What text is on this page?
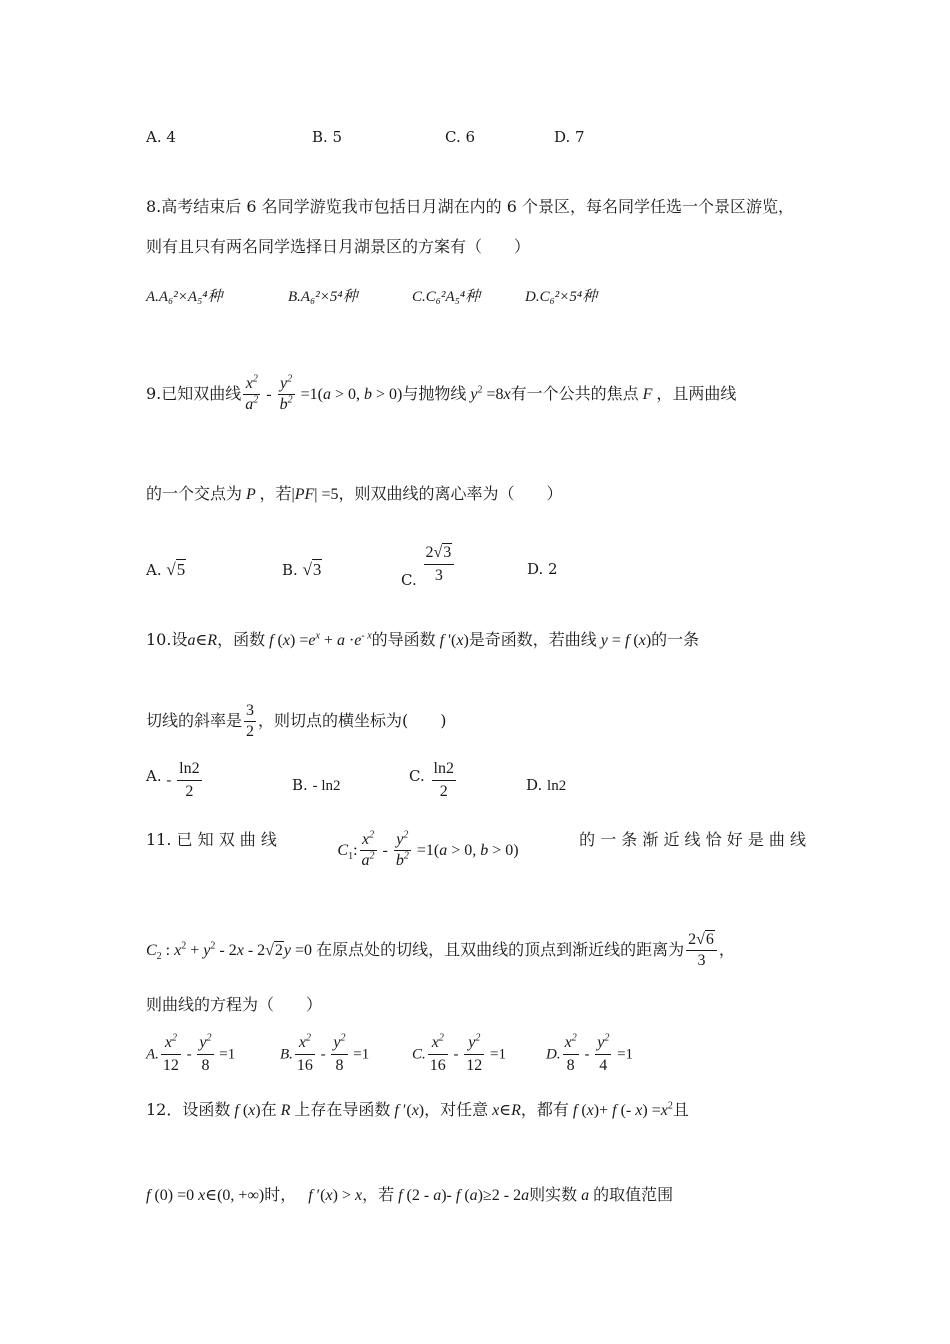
A. 4	B. 5	C. 6	D. 7
8.高考结束后 6 名同学游览我市包括日月湖在内的 6 个景区，每名同学任选一个景区游览，
则有且只有两名同学选择日月湖景区的方案有（　　）
A.A₆²×A₅⁴种	B.A₆²×5⁴种	C.C₆²A₅⁴种	D.C₆²×5⁴种
9.已知双曲线 $\frac{x^2}{a^2} - \frac{y^2}{b^2} =1(a > 0$, b > 0)与抛物线 $y^2 =8x$有一个公共的焦点 F ，且两曲线
的一个交点为 P ，若|PF| =5，则双曲线的离心率为（　　）
A. √5	B. √3
C. $\frac{2√3}{3}$	D. 2
10.设a∈R，函数 f $(x) =e^x + a \cdot e^{- x}$的导函数 f '(x)是奇函数，若曲线 y = f (x)的一条
切线的斜率是 $\frac{3}{2}$ ，则切点的横坐标为(　　)
A. - $\frac{\ln 2}{2}$	B. - ln2
C. $\frac{\ln 2}{2}$	D. ln2
11. 已 知 双 曲 线
$C_1$: $\frac{x^2}{a^2} - \frac{y^2}{b^2} =1(a > 0$, b > 0)
的 一 条 渐 近 线 恰 好 是 曲 线
$C_2$ : $x^2 + y^2 - 2x - 2√2y =0$ 在原点处的切线，且双曲线的顶点到渐近线的距离为 $\frac{2√6}{3}$ ，
则曲线的方程为（　　）
A. $\frac{x^2}{12} - \frac{y^2}{8} =1$	B. $\frac{x^2}{16} - \frac{y^2}{8} =1$	C. $\frac{x^2}{16} - \frac{y^2}{12} =1$	D. $\frac{x^2}{8} - \frac{y^2}{4} =1$
12．设函数 f (x)在 R 上存在导函数 f ′(x)，对任意 x∈R，都有 f (x)+ f (- $x) =x^2$且
f (0) =0 x∈(0, +∞)时，　 f ′(x) > x，若 f (2 - a)- f (a)≥2 - 2a则实数 a 的取值范围
